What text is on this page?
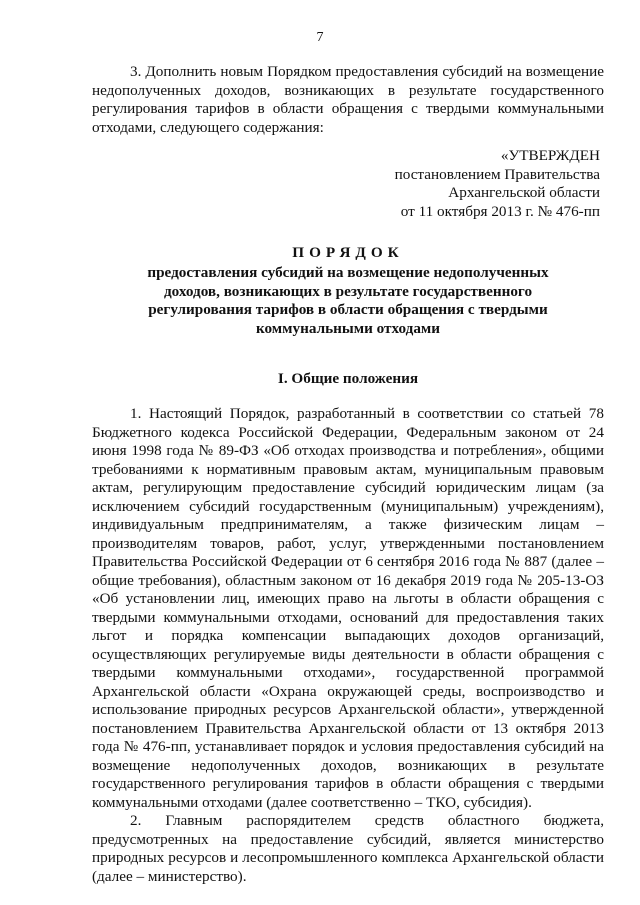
7

3. Дополнить новым Порядком предоставления субсидий на возмещение недополученных доходов, возникающих в результате государственного регулирования тарифов в области обращения с твердыми коммунальными отходами, следующего содержания:

«УТВЕРЖДЕН
постановлением Правительства
Архангельской области
от 11 октября 2013 г. № 476-пп
ПОРЯДОК
предоставления субсидий на возмещение недополученных доходов, возникающих в результате государственного регулирования тарифов в области обращения с твердыми коммунальными отходами
I. Общие положения

1. Настоящий Порядок, разработанный в соответствии со статьей 78 Бюджетного кодекса Российской Федерации, Федеральным законом от 24 июня 1998 года № 89-ФЗ «Об отходах производства и потребления», общими требованиями к нормативным правовым актам, муниципальным правовым актам, регулирующим предоставление субсидий юридическим лицам (за исключением субсидий государственным (муниципальным) учреждениям), индивидуальным предпринимателям, а также физическим лицам – производителям товаров, работ, услуг, утвержденными постановлением Правительства Российской Федерации от 6 сентября 2016 года № 887 (далее – общие требования), областным законом от 16 декабря 2019 года № 205-13-ОЗ «Об установлении лиц, имеющих право на льготы в области обращения с твердыми коммунальными отходами, оснований для предоставления таких льгот и порядка компенсации выпадающих доходов организаций, осуществляющих регулируемые виды деятельности в области обращения с твердыми коммунальными отходами», государственной программой Архангельской области «Охрана окружающей среды, воспроизводство и использование природных ресурсов Архангельской области», утвержденной постановлением Правительства Архангельской области от 13 октября 2013 года № 476-пп, устанавливает порядок и условия предоставления субсидий на возмещение недополученных доходов, возникающих в результате государственного регулирования тарифов в области обращения с твердыми коммунальными отходами (далее соответственно – ТКО, субсидия).

2. Главным распорядителем средств областного бюджета, предусмотренных на предоставление субсидий, является министерство природных ресурсов и лесопромышленного комплекса Архангельской области (далее – министерство).
